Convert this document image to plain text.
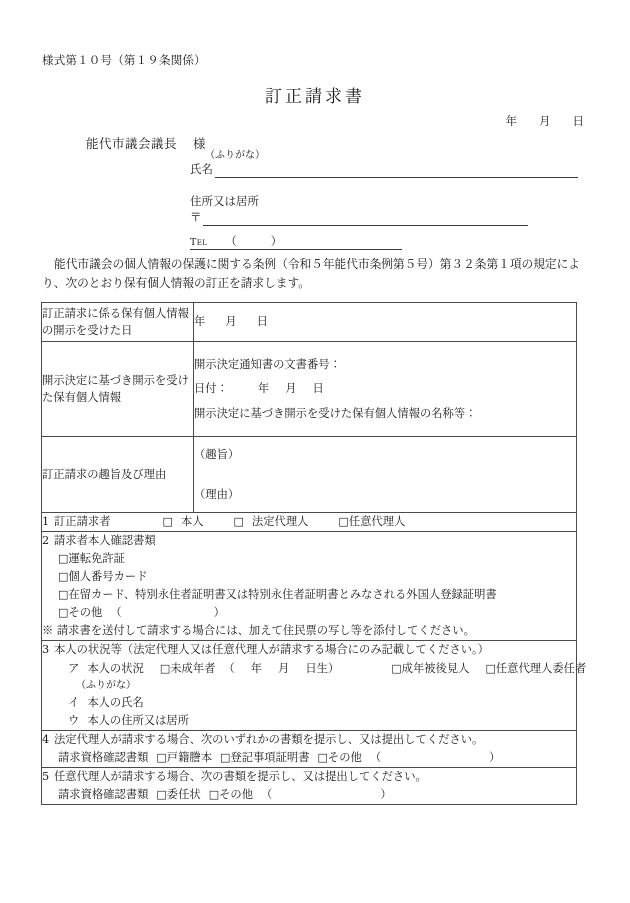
様式第１０号（第１９条関係）
訂正請求書
年 月 日
能代市議会議長 様
（ふりがな）
氏名
住所又は居所
〒
Tel （	）
能代市議会の個人情報の保護に関する条例（令和５年能代市条例第５号）第３２条第１項の規定により、次のとおり保有個人情報の訂正を請求します。
訂正請求に係る保有個人情報の開示を受けた日	年 月 日
開示決定に基づき開示を受けた保有個人情報	開示決定通知書の文書番号：
日付： 年 月 日
開示決定に基づき開示を受けた保有個人情報の名称等：

訂正請求の趣旨及び理由	（趣旨）
（理由）

1 訂正請求者 □ 本人 □ 法定代理人 □任意代理人	

2 請求者本人確認書類
□運転免許証
□個人番号カード
□在留カード、特別永住者証明書又は特別永住者証明書とみなされる外国人登録証明書
□その他 （	）
※ 請求書を送付して請求する場合には、加えて住民票の写し等を添付してください。

3 本人の状況等（法定代理人又は任意代理人が請求する場合にのみ記載してください。）
ア 本人の状況 □未成年者 （ 年 月 日生） □成年被後見人 □任意代理人委任者
（ふりがな）
イ 本人の氏名
ウ 本人の住所又は居所	

4 法定代理人が請求する場合、次のいずれかの書類を提示し、又は提出してください。
請求資格確認書類 □戸籍謄本 □登記事項証明書 □その他 （ ）	

5 任意代理人が請求する場合、次の書類を提示し、又は提出してください。
請求資格確認書類 □委任状 □その他 （ ）	
